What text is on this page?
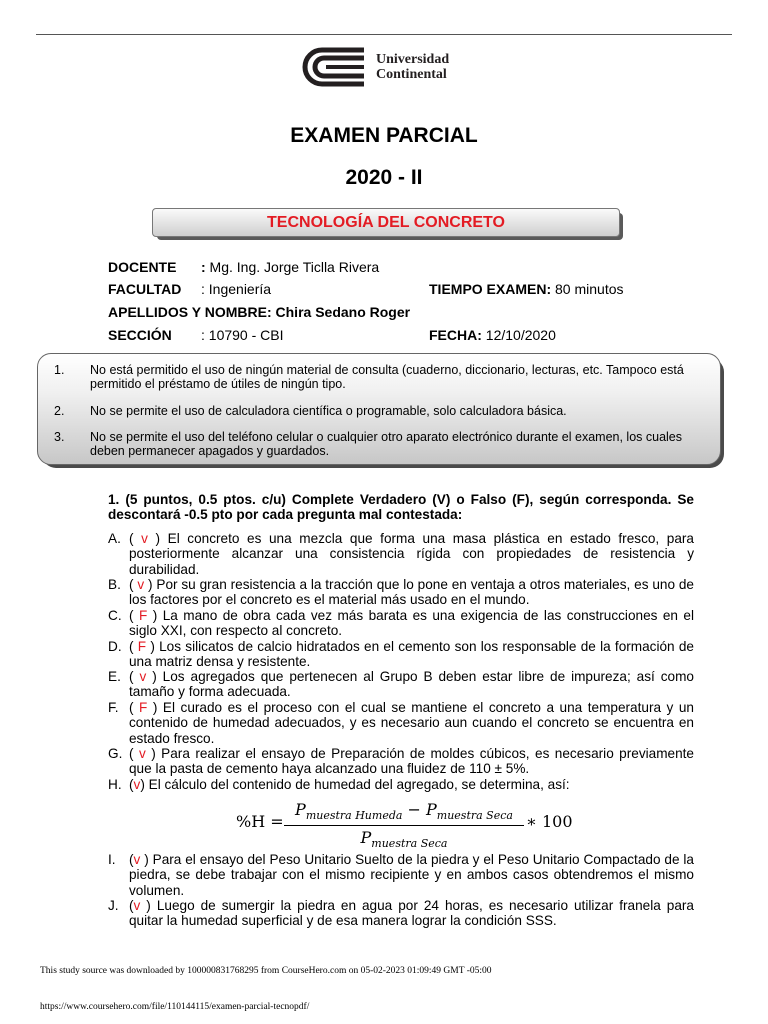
Universidad
Continental
EXAMEN PARCIAL
2020 - II
TECNOLOGÍA DEL CONCRETO
DOCENTE : Mg. Ing. Jorge Ticlla Rivera
FACULTAD : Ingeniería	TIEMPO EXAMEN: 80 minutos
APELLIDOS Y NOMBRE: Chira Sedano Roger
SECCIÓN : 10790 - CBI	FECHA: 12/10/2020
1. No está permitido el uso de ningún material de consulta (cuaderno, diccionario, lecturas, etc. Tampoco está permitido el préstamo de útiles de ningún tipo.
2. No se permite el uso de calculadora científica o programable, solo calculadora básica.
3. No se permite el uso del teléfono celular o cualquier otro aparato electrónico durante el examen, los cuales deben permanecer apagados y guardados.
1. (5 puntos, 0.5 ptos. c/u) Complete Verdadero (V) o Falso (F), según corresponda. Se descontará -0.5 pto por cada pregunta mal contestada:
A. ( v ) El concreto es una mezcla que forma una masa plástica en estado fresco, para posteriormente alcanzar una consistencia rígida con propiedades de resistencia y durabilidad.
B. ( v ) Por su gran resistencia a la tracción que lo pone en ventaja a otros materiales, es uno de los factores por el concreto es el material más usado en el mundo.
C. ( F ) La mano de obra cada vez más barata es una exigencia de las construcciones en el siglo XXI, con respecto al concreto.
D. ( F ) Los silicatos de calcio hidratados en el cemento son los responsable de la formación de una matriz densa y resistente.
E. ( v ) Los agregados que pertenecen al Grupo B deben estar libre de impureza; así como tamaño y forma adecuada.
F. ( F ) El curado es el proceso con el cual se mantiene el concreto a una temperatura y un contenido de humedad adecuados, y es necesario aun cuando el concreto se encuentra en estado fresco.
G. ( v ) Para realizar el ensayo de Preparación de moldes cúbicos, es necesario previamente que la pasta de cemento haya alcanzado una fluidez de 110 ± 5%.
H. (v) El cálculo del contenido de humedad del agregado, se determina, así:
%H =
$P_{muestra Humeda} - P_{muestra Seca}$
$P_{muestra Seca}$
∗ 100
I. (v ) Para el ensayo del Peso Unitario Suelto de la piedra y el Peso Unitario Compactado de la piedra, se debe trabajar con el mismo recipiente y en ambos casos obtendremos el mismo volumen.
J. (v ) Luego de sumergir la piedra en agua por 24 horas, es necesario utilizar franela para quitar la humedad superficial y de esa manera lograr la condición SSS.
This study source was downloaded by 100000831768295 from CourseHero.com on 05-02-2023 01:09:49 GMT -05:00
https://www.coursehero.com/file/110144115/examen-parcial-tecnopdf/
